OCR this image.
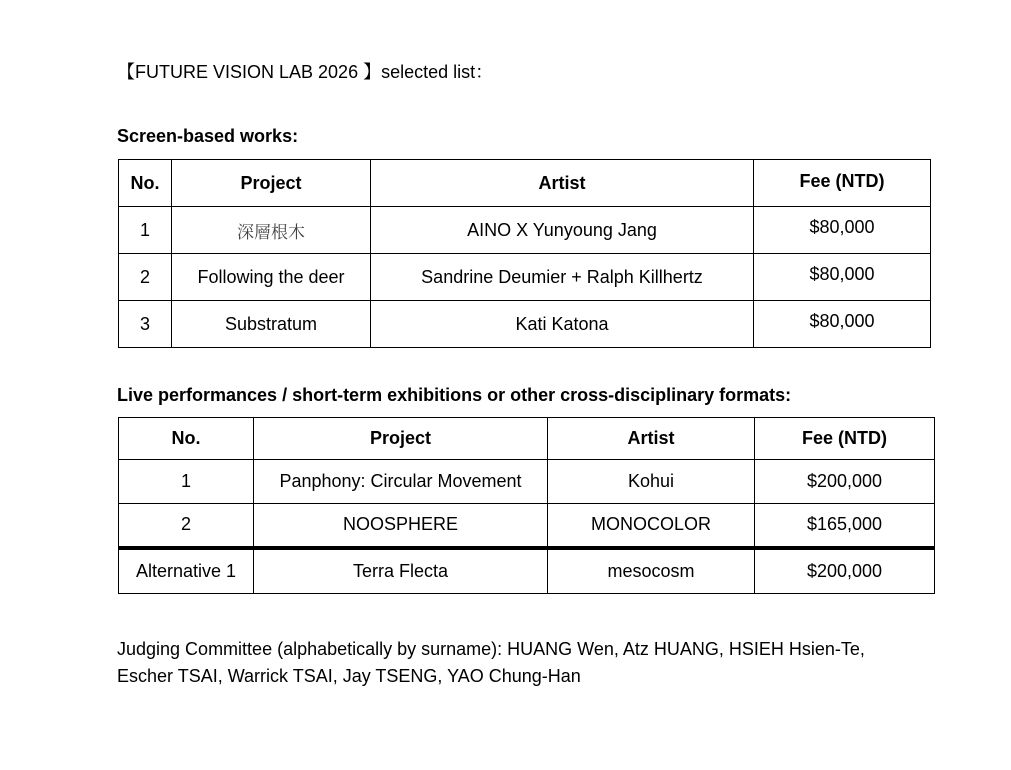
【FUTURE VISION LAB 2026 】selected list：
Screen-based works:
No.	Project	Artist	Fee (NTD)
1	深層根木	AINO X Yunyoung Jang	$80,000
2	Following the deer	Sandrine Deumier + Ralph Killhertz	$80,000
3	Substratum	Kati Katona	$80,000
Live performances / short-term exhibitions or other cross-disciplinary formats:
No.	Project	Artist	Fee (NTD)
1	Panphony: Circular Movement	Kohui	$200,000
2	NOOSPHERE	MONOCOLOR	$165,000
Alternative 1	Terra Flecta	mesocosm	$200,000
Judging Committee (alphabetically by surname): HUANG Wen, Atz HUANG, HSIEH Hsien-Te, Escher TSAI, Warrick TSAI, Jay TSENG, YAO Chung-Han
